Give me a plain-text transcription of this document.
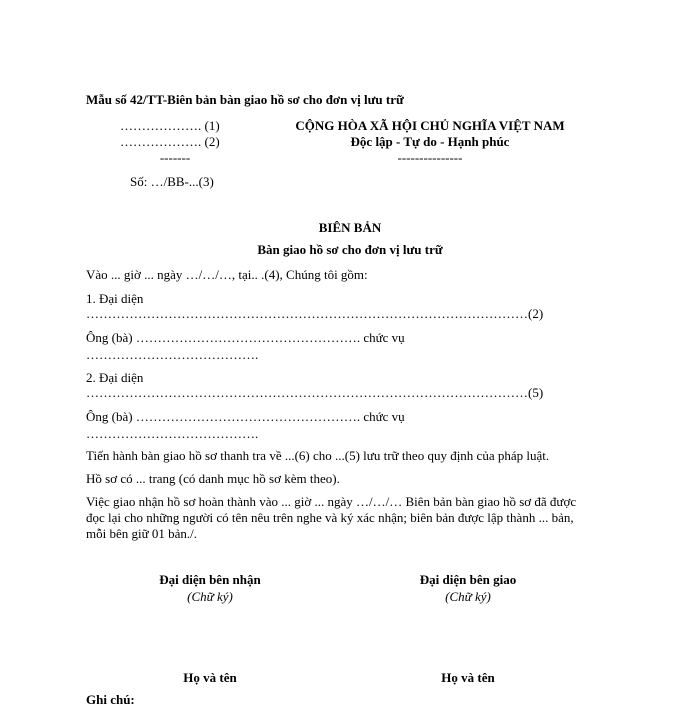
Mẫu số 42/TT-Biên bản bàn giao hồ sơ cho đơn vị lưu trữ
………………. (1)
………………. (2)
-------
Số: …/BB-...(3)
CỘNG HÒA XÃ HỘI CHỦ NGHĨA VIỆT NAM
Độc lập - Tự do - Hạnh phúc
---------------
BIÊN BẢN
Bàn giao hồ sơ cho đơn vị lưu trữ
Vào ... giờ ... ngày …/…/…, tại.. .(4), Chúng tôi gồm:
1. Đại diện
…………………………………………………………………………………………(2)
Ông (bà) ……………………………………………. chức vụ
………………………………….
2. Đại diện
…………………………………………………………………………………………(5)
Ông (bà) ……………………………………………. chức vụ
………………………………….
Tiến hành bàn giao hồ sơ thanh tra về ...(6) cho ...(5) lưu trữ theo quy định của pháp luật.
Hồ sơ có ... trang (có danh mục hồ sơ kèm theo).
Việc giao nhận hồ sơ hoàn thành vào ... giờ ... ngày …/…/… Biên bản bàn giao hồ sơ đã được đọc lại cho những người có tên nêu trên nghe và ký xác nhận; biên bản được lập thành ... bản, mỗi bên giữ 01 bản./.
Đại diện bên nhận
(Chữ ký)
Đại diện bên giao
(Chữ ký)
Họ và tên	Họ và tên
Ghi chú:
